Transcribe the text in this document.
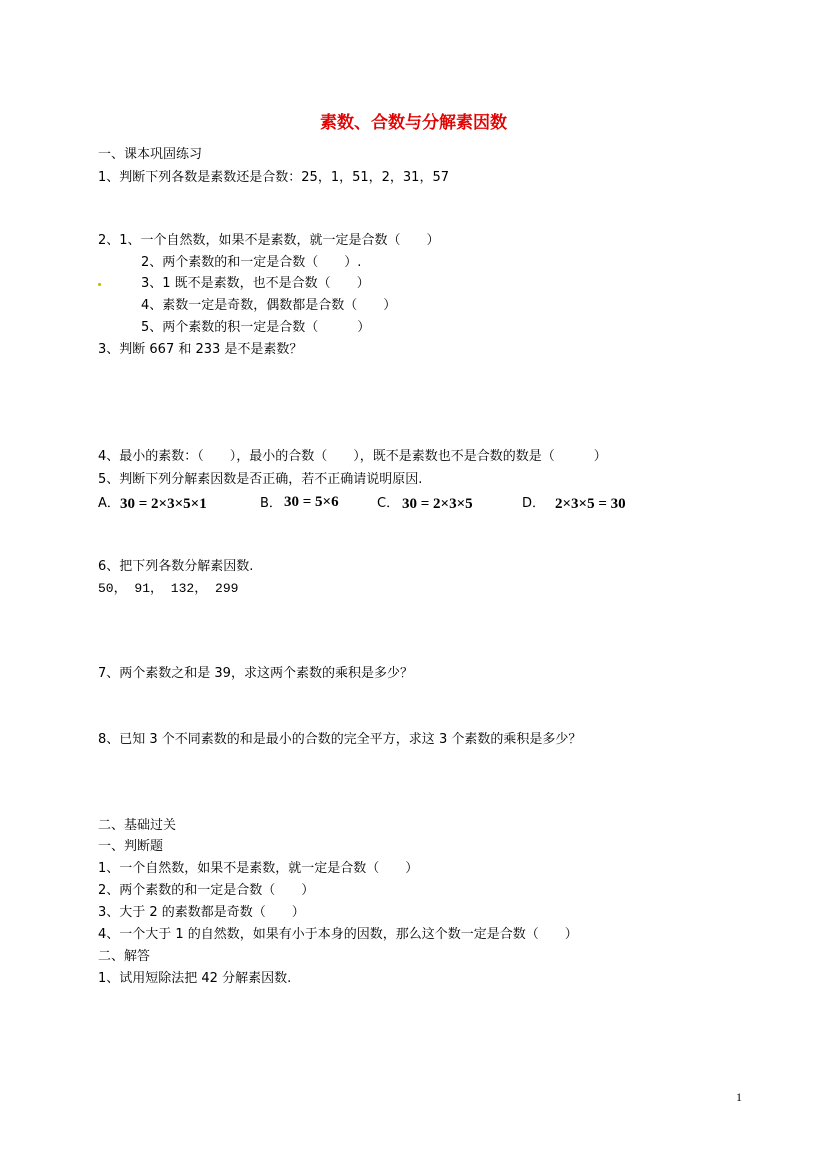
素数、合数与分解素因数
一、课本巩固练习
1、判断下列各数是素数还是合数：25，1，51，2，31，57
2、1、一个自然数，如果不是素数，就一定是合数（　　）
2、两个素数的和一定是合数（　　）.
3、1 既不是素数，也不是合数（　　）
4、素数一定是奇数，偶数都是合数（　　）
5、两个素数的积一定是合数（　　　）
3、判断 667 和 233 是不是素数？
4、最小的素数：（　　），最小的合数（　　），既不是素数也不是合数的数是（　　　）
5、判断下列分解素因数是否正确，若不正确请说明原因.
A． 30 = 2×3×5×1	B． 30 = 5×6	C． 30 = 2×3×5	D． 2×3×5 = 30
6、把下列各数分解素因数.
50， 91， 132， 299
7、两个素数之和是 39，求这两个素数的乘积是多少？
8、已知 3 个不同素数的和是最小的合数的完全平方，求这 3 个素数的乘积是多少？
二、基础过关
一、判断题
1、一个自然数，如果不是素数，就一定是合数（　　）
2、两个素数的和一定是合数（　　）
3、大于 2 的素数都是奇数（　　）
4、一个大于 1 的自然数，如果有小于本身的因数，那么这个数一定是合数（　　）
二、解答
1、试用短除法把 42 分解素因数.
1
